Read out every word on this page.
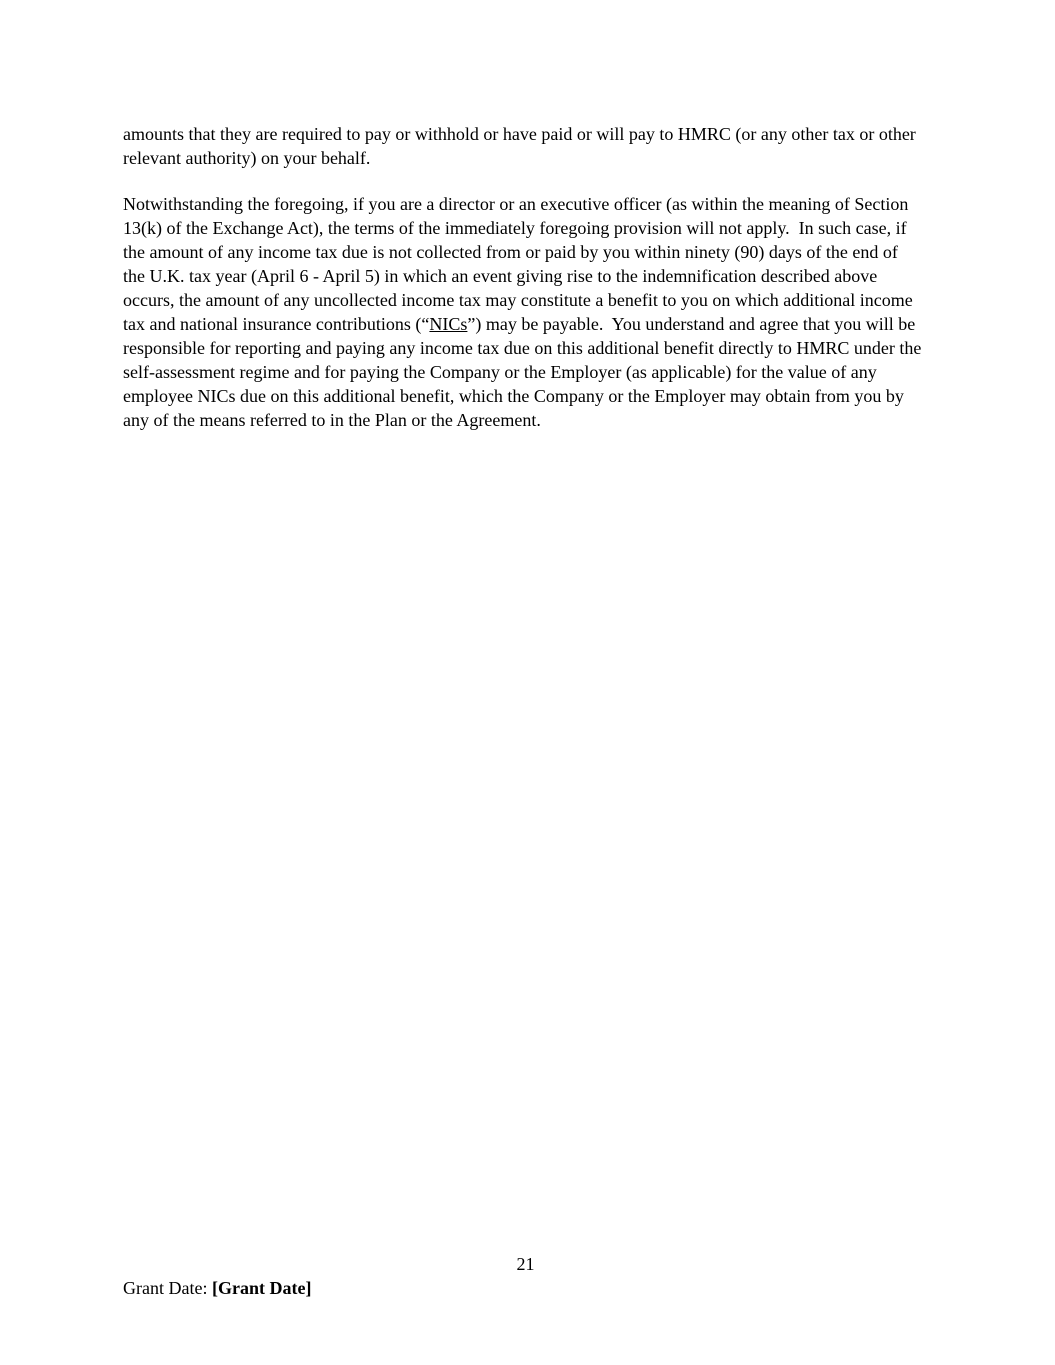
amounts that they are required to pay or withhold or have paid or will pay to HMRC (or any other tax or other relevant authority) on your behalf.

Notwithstanding the foregoing, if you are a director or an executive officer (as within the meaning of Section 13(k) of the Exchange Act), the terms of the immediately foregoing provision will not apply.  In such case, if the amount of any income tax due is not collected from or paid by you within ninety (90) days of the end of the U.K. tax year (April 6 - April 5) in which an event giving rise to the indemnification described above occurs, the amount of any uncollected income tax may constitute a benefit to you on which additional income tax and national insurance contributions (“NICs”) may be payable.  You understand and agree that you will be responsible for reporting and paying any income tax due on this additional benefit directly to HMRC under the self-assessment regime and for paying the Company or the Employer (as applicable) for the value of any employee NICs due on this additional benefit, which the Company or the Employer may obtain from you by any of the means referred to in the Plan or the Agreement.

21
Grant Date: [Grant Date]
